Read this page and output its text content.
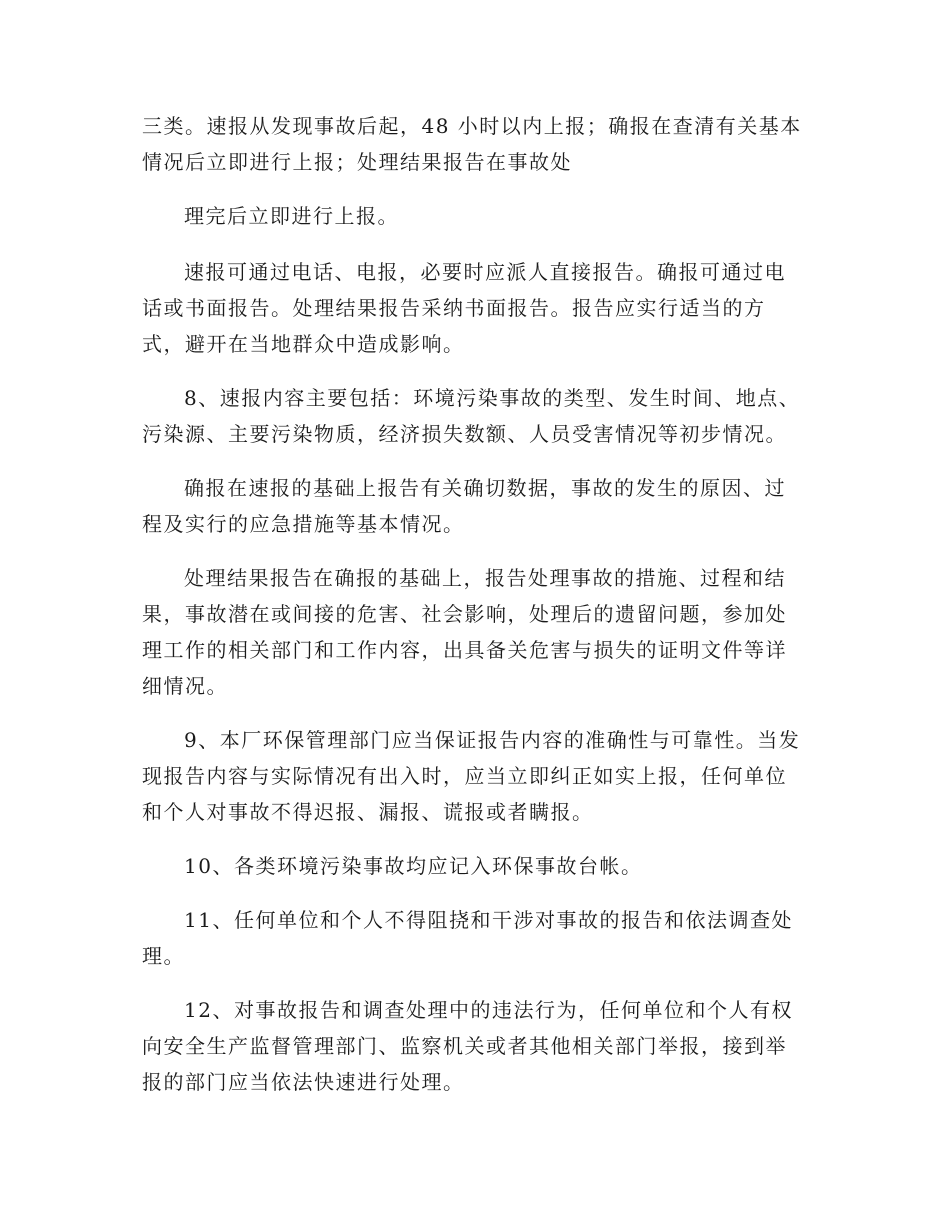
三类。速报从发现事故后起，48 小时以内上报；确报在查清有关基本
情况后立即进行上报；处理结果报告在事故处

理完后立即进行上报。

速报可通过电话、电报，必要时应派人直接报告。确报可通过电
话或书面报告。处理结果报告采纳书面报告。报告应实行适当的方
式，避开在当地群众中造成影响。

8、速报内容主要包括：环境污染事故的类型、发生时间、地点、
污染源、主要污染物质，经济损失数额、人员受害情况等初步情况。

确报在速报的基础上报告有关确切数据，事故的发生的原因、过
程及实行的应急措施等基本情况。

处理结果报告在确报的基础上，报告处理事故的措施、过程和结
果，事故潜在或间接的危害、社会影响，处理后的遗留问题，参加处
理工作的相关部门和工作内容，出具备关危害与损失的证明文件等详
细情况。

9、本厂环保管理部门应当保证报告内容的准确性与可靠性。当发
现报告内容与实际情况有出入时，应当立即纠正如实上报，任何单位
和个人对事故不得迟报、漏报、谎报或者瞒报。

10、各类环境污染事故均应记入环保事故台帐。

11、任何单位和个人不得阻挠和干涉对事故的报告和依法调查处
理。

12、对事故报告和调查处理中的违法行为，任何单位和个人有权
向安全生产监督管理部门、监察机关或者其他相关部门举报，接到举
报的部门应当依法快速进行处理。
